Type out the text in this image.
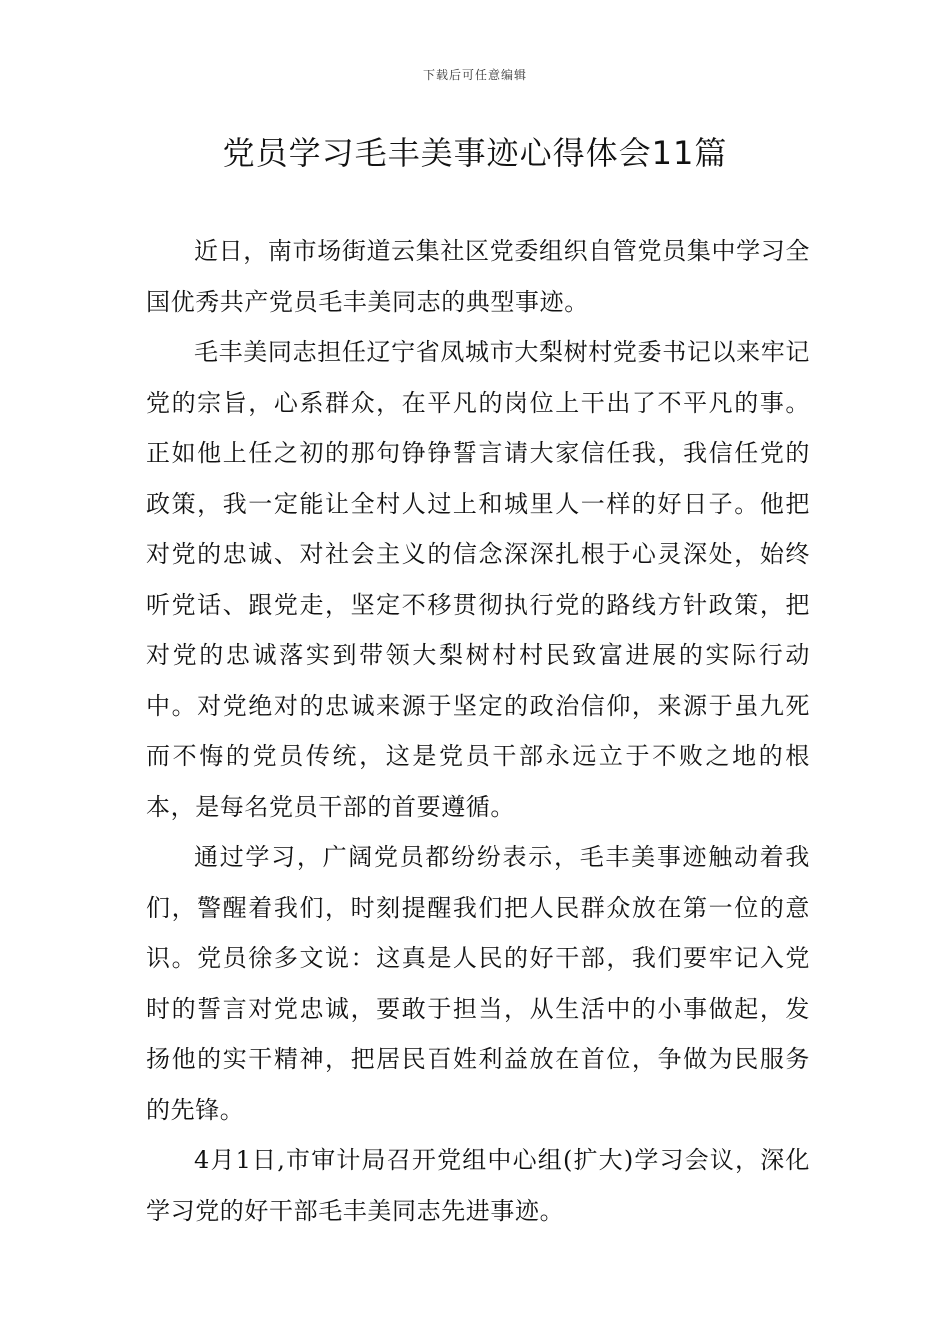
下载后可任意编辑
党员学习毛丰美事迹心得体会11篇

近日，南市场街道云集社区党委组织自管党员集中学习全国优秀共产党员毛丰美同志的典型事迹。

毛丰美同志担任辽宁省凤城市大梨树村党委书记以来牢记党的宗旨，心系群众，在平凡的岗位上干出了不平凡的事。正如他上任之初的那句铮铮誓言请大家信任我，我信任党的政策，我一定能让全村人过上和城里人一样的好日子。他把对党的忠诚、对社会主义的信念深深扎根于心灵深处，始终听党话、跟党走，坚定不移贯彻执行党的路线方针政策，把对党的忠诚落实到带领大梨树村村民致富进展的实际行动中。对党绝对的忠诚来源于坚定的政治信仰，来源于虽九死而不悔的党员传统，这是党员干部永远立于不败之地的根本，是每名党员干部的首要遵循。

通过学习，广阔党员都纷纷表示，毛丰美事迹触动着我们，警醒着我们，时刻提醒我们把人民群众放在第一位的意识。党员徐多文说：这真是人民的好干部，我们要牢记入党时的誓言对党忠诚，要敢于担当，从生活中的小事做起，发扬他的实干精神，把居民百姓利益放在首位，争做为民服务的先锋。

4月1日,市审计局召开党组中心组(扩大)学习会议，深化学习党的好干部毛丰美同志先进事迹。
